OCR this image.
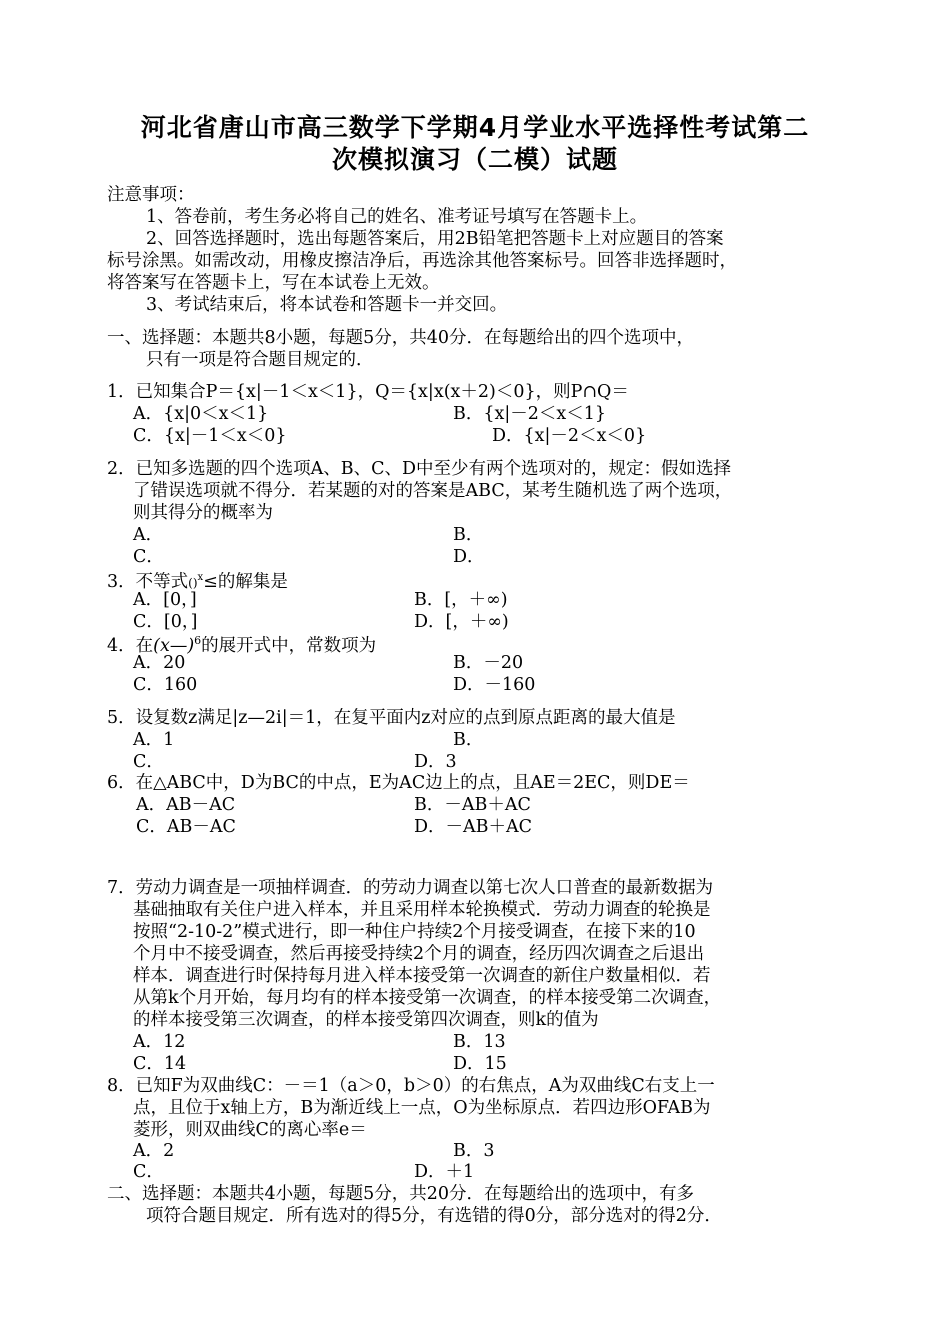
河北省唐山市高三数学下学期4月学业水平选择性考试第二
次模拟演习（二模）试题
注意事项：
1、答卷前，考生务必将自己的姓名、准考证号填写在答题卡上。
2、回答选择题时，选出每题答案后，用2B铅笔把答题卡上对应题目的答案
标号涂黑。如需改动，用橡皮擦洁净后，再选涂其他答案标号。回答非选择题时，
将答案写在答题卡上，写在本试卷上无效。
3、考试结束后，将本试卷和答题卡一并交回。
一、选择题：本题共8小题，每题5分，共40分．在每题给出的四个选项中，
只有一项是符合题目规定的．
1．已知集合P＝{x|－1＜x＜1}，Q＝{x|x(x＋2)＜0}，则P∩Q＝
A．{x|0＜x＜1}	B．{x|－2＜x＜1}
C．{x|－1＜x＜0}	D．{x|－2＜x＜0}
2．已知多选题的四个选项A、B、C、D中至少有两个选项对的，规定：假如选择
了错误选项就不得分．若某题的对的答案是ABC，某考生随机选了两个选项，
则其得分的概率为
A．	B．
C．	D．
3．不等式()$^x$≤的解集是
A．[0，]	B．[，＋∞)
C．[0，]	D．[，＋∞)
4．在(x—)$^6$的展开式中，常数项为
A．20	B．－20
C．160	D．－160
5．设复数z满足|z—2i|＝1，在复平面内z对应的点到原点距离的最大值是
A．1	B．
C．	D．3
6．在△ABC中，D为BC的中点，E为AC边上的点，且AE＝2EC，则DE＝
A．AB－AC	B．－AB＋AC
C．AB－AC	D．－AB＋AC
7．劳动力调查是一项抽样调查．的劳动力调查以第七次人口普查的最新数据为
基础抽取有关住户进入样本，并且采用样本轮换模式．劳动力调查的轮换是
按照“2-10-2”模式进行，即一种住户持续2个月接受调查，在接下来的10
个月中不接受调查，然后再接受持续2个月的调查，经历四次调查之后退出
样本．调查进行时保持每月进入样本接受第一次调查的新住户数量相似．若
从第k个月开始，每月均有的样本接受第一次调查，的样本接受第二次调查，
的样本接受第三次调查，的样本接受第四次调查，则k的值为
A．12	B．13
C．14	D．15
8．已知F为双曲线C：－＝1（a＞0，b＞0）的右焦点，A为双曲线C右支上一
点，且位于x轴上方，B为渐近线上一点，O为坐标原点．若四边形OFAB为
菱形，则双曲线C的离心率e＝
A．2	B．3
C．	D．＋1
二、选择题：本题共4小题，每题5分，共20分．在每题给出的选项中，有多
项符合题目规定．所有选对的得5分，有选错的得0分，部分选对的得2分．
